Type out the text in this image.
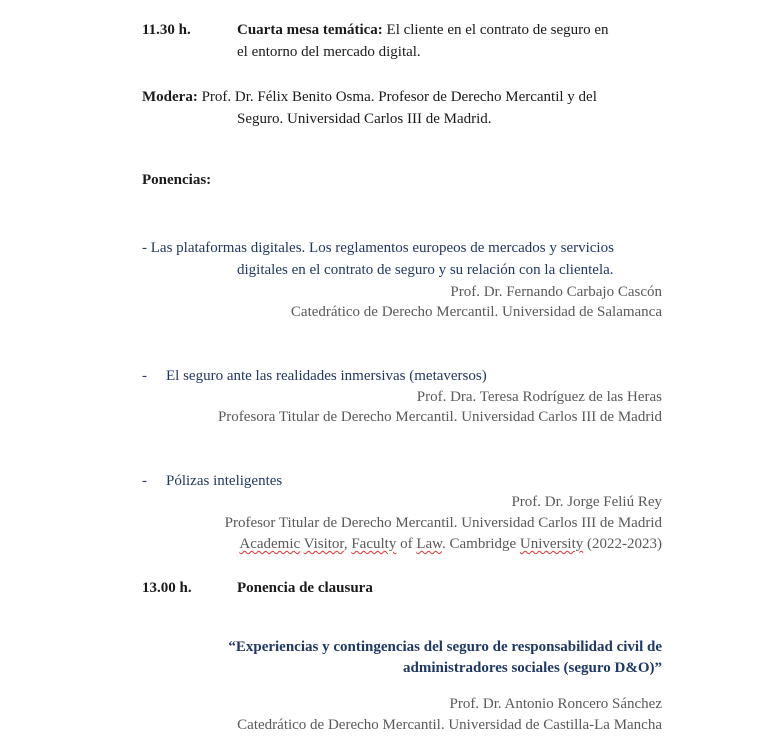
11.30 h.	Cuarta mesa temática: El cliente en el contrato de seguro en
el entorno del mercado digital.
Modera: Prof. Dr. Félix Benito Osma. Profesor de Derecho Mercantil y del
Seguro. Universidad Carlos III de Madrid.
Ponencias:
- Las plataformas digitales. Los reglamentos europeos de mercados y servicios
digitales en el contrato de seguro y su relación con la clientela.
Prof. Dr. Fernando Carbajo Cascón
Catedrático de Derecho Mercantil. Universidad de Salamanca
- El seguro ante las realidades inmersivas (metaversos)
Prof. Dra. Teresa Rodríguez de las Heras
Profesora Titular de Derecho Mercantil. Universidad Carlos III de Madrid
- Pólizas inteligentes
Prof. Dr. Jorge Feliú Rey
Profesor Titular de Derecho Mercantil. Universidad Carlos III de Madrid
Academic Visitor, Faculty of Law. Cambridge University (2022-2023)
13.00 h.	Ponencia de clausura
“Experiencias y contingencias del seguro de responsabilidad civil de
administradores sociales (seguro D&O)”
Prof. Dr. Antonio Roncero Sánchez
Catedrático de Derecho Mercantil. Universidad de Castilla-La Mancha
